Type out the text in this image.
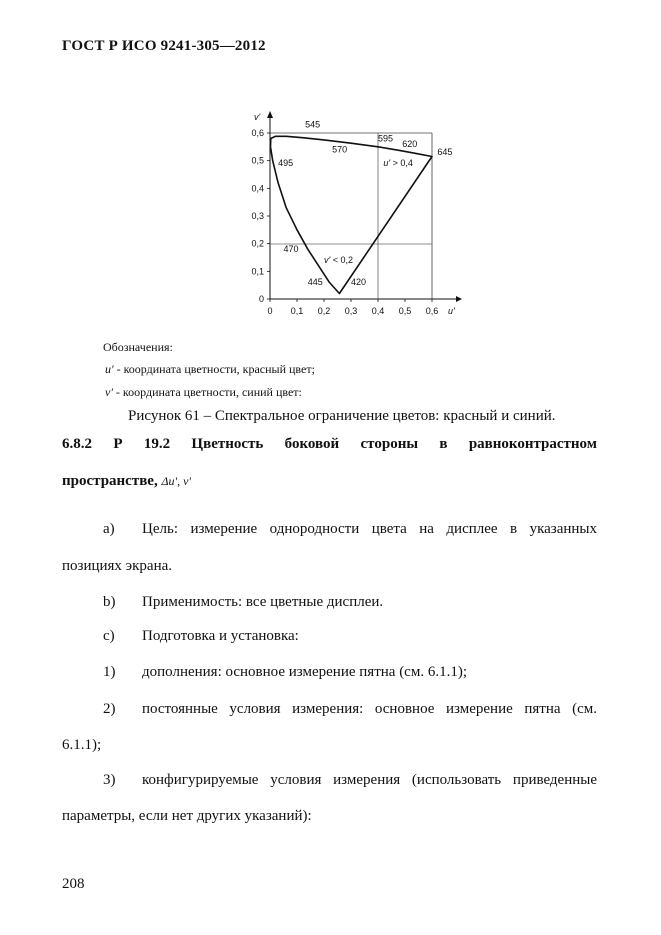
ГОСТ Р ИСО 9241-305—2012
0 0,1 0,2 0,3 0,4 0,5 0,6
0
0,1
0,2
0,3
0,4
0,5
0,6
545
570
595
620
645
495
470
445	420
u' > 0,4
v' < 0,2
v'
u'
Обозначения:
u' - координата цветности, красный цвет;
v' - координата цветности, синий цвет:
Рисунок 61 – Спектральное ограничение цветов: красный и синий.
6.8.2 Р 19.2 Цветность боковой стороны в равноконтрастном
пространстве, Δu', v'
a) Цель: измерение однородности цвета на дисплее в указанных
позициях экрана.
b) Применимость: все цветные дисплеи.
c) Подготовка и установка:
1) дополнения: основное измерение пятна (см. 6.1.1);
2) постоянные условия измерения: основное измерение пятна (см.
6.1.1);
3) конфигурируемые условия измерения (использовать приведенные
параметры, если нет других указаний):
208
